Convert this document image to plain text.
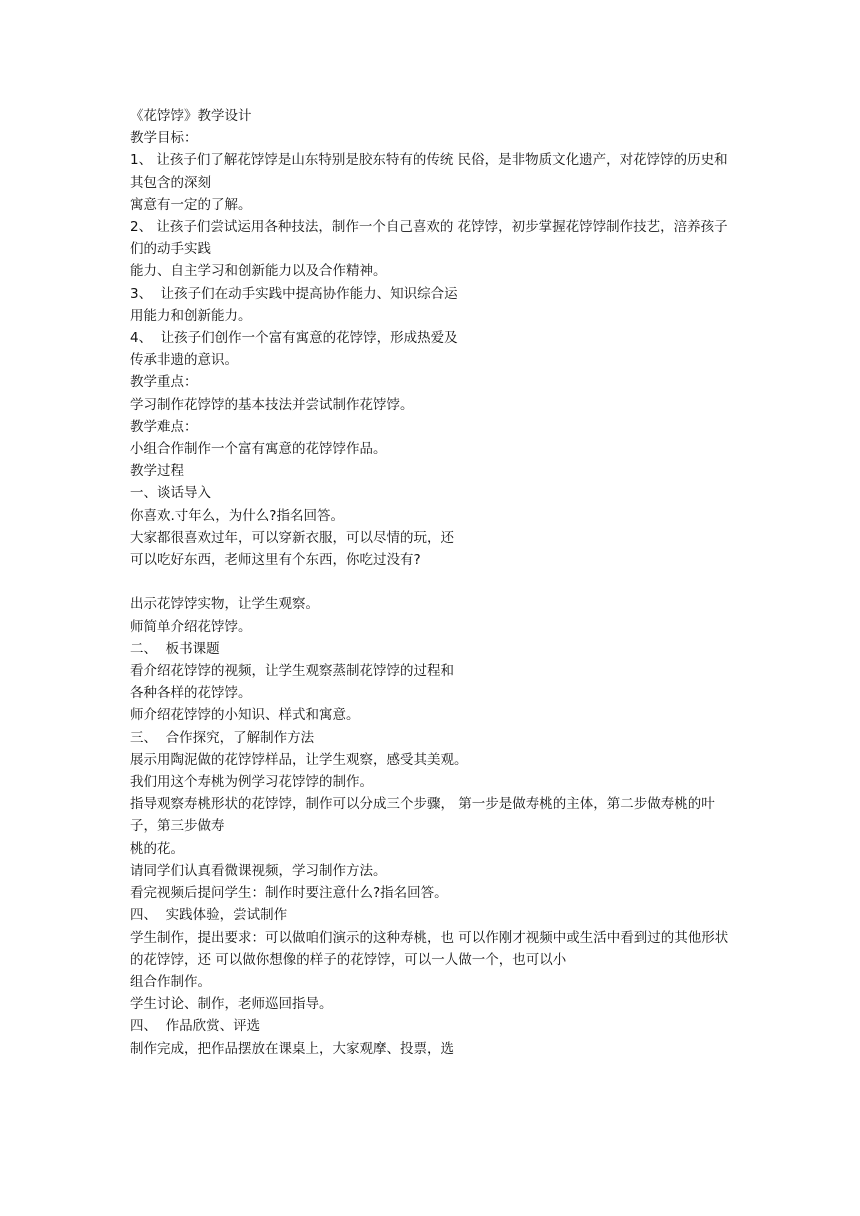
《花饽饽》教学设计
教学目标：
1、 让孩子们了解花饽饽是山东特别是胶东特有的传统 民俗，是非物质文化遗产，对花饽饽的历史和其包含的深刻
寓意有一定的了解。
2、 让孩子们尝试运用各种技法，制作一个自己喜欢的 花饽饽，初步掌握花饽饽制作技艺，涪养孩子们的动手实践
能力、自主学习和创新能力以及合作精神。
3、  让孩子们在动手实践中提高协作能力、知识综合运
用能力和创新能力。
4、  让孩子们创作一个富有寓意的花饽饽，形成热爱及
传承非遗的意识。
教学重点：
学习制作花饽饽的基本技法并尝试制作花饽饽。
教学难点：
小组合作制作一个富有寓意的花饽饽作品。
教学过程
一、谈话导入
你喜欢.寸年么，为什么?指名回答。
大家都很喜欢过年，可以穿新衣服，可以尽情的玩，还
可以吃好东西，老师这里有个东西，你吃过没有?
出示花饽饽实物，让学生观察。
师简单介绍花饽饽。
二、  板书课题
看介绍花饽饽的视频，让学生观察蒸制花饽饽的过程和
各种各样的花饽饽。
师介绍花饽饽的小知识、样式和寓意。
三、  合作探究，了解制作方法
展示用陶泥做的花饽饽样品，让学生观察，感受其美观。
我们用这个寿桃为例学习花饽饽的制作。
指导观察寿桃形状的花饽饽，制作可以分成三个步骤， 第一步是做寿桃的主体，第二步做寿桃的叶子，第三步做寿
桃的花。
请同学们认真看微课视频，学习制作方法。
看完视频后提问学生：制作时要注意什么?指名回答。
四、  实践体验，尝试制作
学生制作，提出要求：可以做咱们演示的这种寿桃，也 可以作刚才视频中或生活中看到过的其他形状的花饽饽，还 可以做你想像的样子的花饽饽，可以一人做一个，也可以小
组合作制作。
学生讨论、制作，老师巡回指导。
四、  作品欣赏、评选
制作完成，把作品摆放在课桌上，大家观摩、投票，选
